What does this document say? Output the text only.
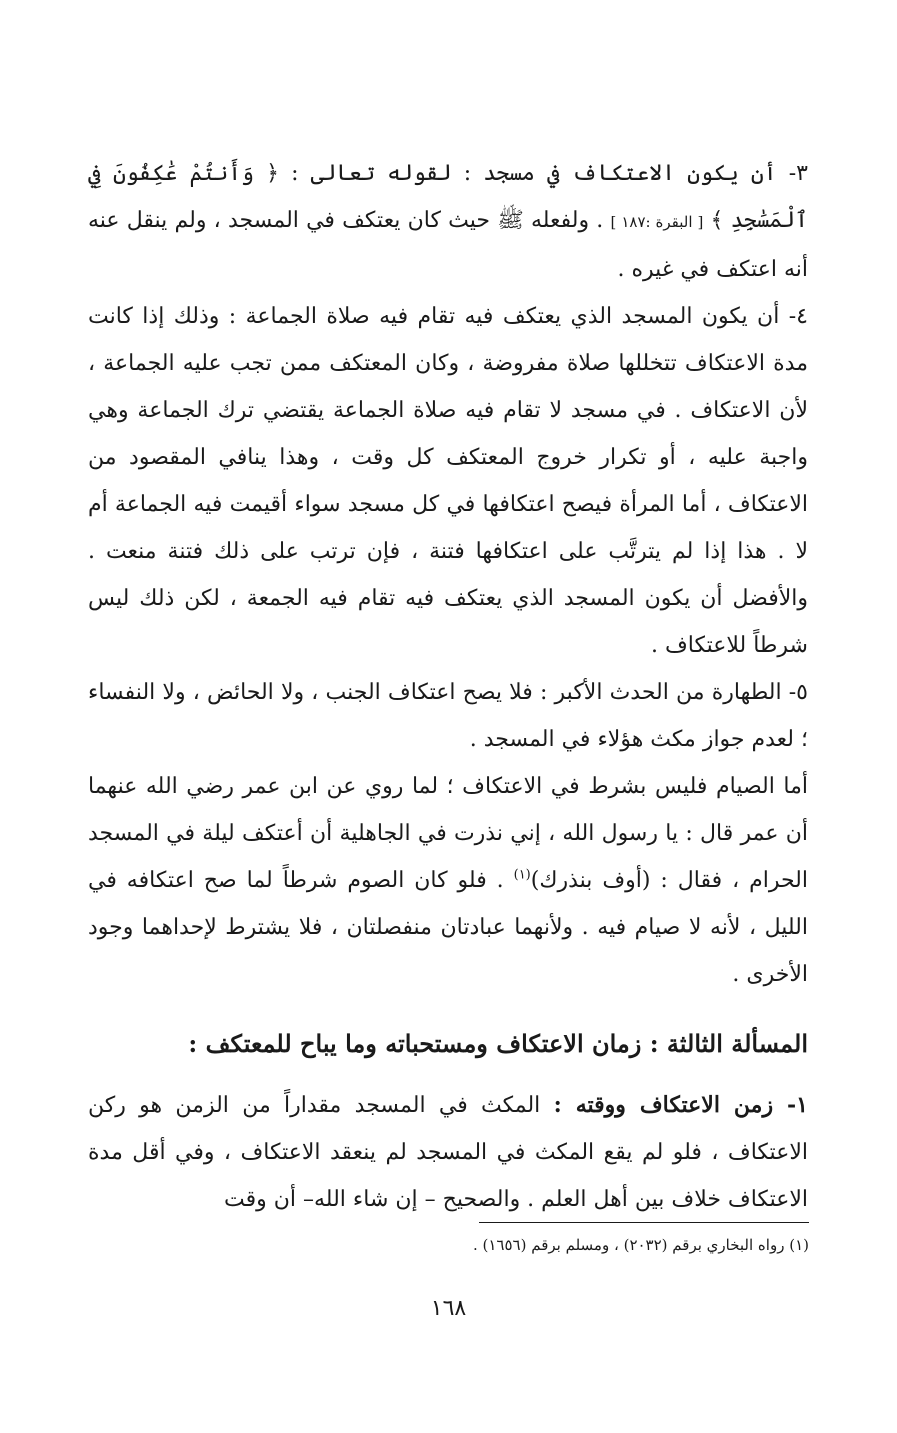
٣- أن يكون الاعتكاف في مسجد : لقوله تعالى : ﴿ وَأَنتُمْ عَٰكِفُونَ فِي ٱلْمَسَٰجِدِ ﴾ [ البقرة :١٨٧ ] . ولفعله ﷺ حيث كان يعتكف في المسجد ، ولم ينقل عنه أنه اعتكف في غيره .

٤- أن يكون المسجد الذي يعتكف فيه تقام فيه صلاة الجماعة : وذلك إذا كانت مدة الاعتكاف تتخللها صلاة مفروضة ، وكان المعتكف ممن تجب عليه الجماعة ، لأن الاعتكاف . في مسجد لا تقام فيه صلاة الجماعة يقتضي ترك الجماعة وهي واجبة عليه ، أو تكرار خروج المعتكف كل وقت ، وهذا ينافي المقصود من الاعتكاف ، أما المرأة فيصح اعتكافها في كل مسجد سواء أقيمت فيه الجماعة أم لا . هذا إذا لم يترتَّب على اعتكافها فتنة ، فإن ترتب على ذلك فتنة منعت . والأفضل أن يكون المسجد الذي يعتكف فيه تقام فيه الجمعة ، لكن ذلك ليس شرطاً للاعتكاف .

٥- الطهارة من الحدث الأكبر : فلا يصح اعتكاف الجنب ، ولا الحائض ، ولا النفساء ؛ لعدم جواز مكث هؤلاء في المسجد .

أما الصيام فليس بشرط في الاعتكاف ؛ لما روي عن ابن عمر رضي الله عنهما أن عمر قال : يا رسول الله ، إني نذرت في الجاهلية أن أعتكف ليلة في المسجد الحرام ، فقال : (أوف بنذرك)$^{(١)}$ . فلو كان الصوم شرطاً لما صح اعتكافه في الليل ، لأنه لا صيام فيه . ولأنهما عبادتان منفصلتان ، فلا يشترط لإحداهما وجود الأخرى .

المسألة الثالثة : زمان الاعتكاف ومستحباته وما يباح للمعتكف :

١- زمن الاعتكاف ووقته : المكث في المسجد مقداراً من الزمن هو ركن الاعتكاف ، فلو لم يقع المكث في المسجد لم ينعقد الاعتكاف ، وفي أقل مدة الاعتكاف خلاف بين أهل العلم . والصحيح – إن شاء الله– أن وقت

(١) رواه البخاري برقم (٢٠٣٢) ، ومسلم برقم (١٦٥٦) .
١٦٨
